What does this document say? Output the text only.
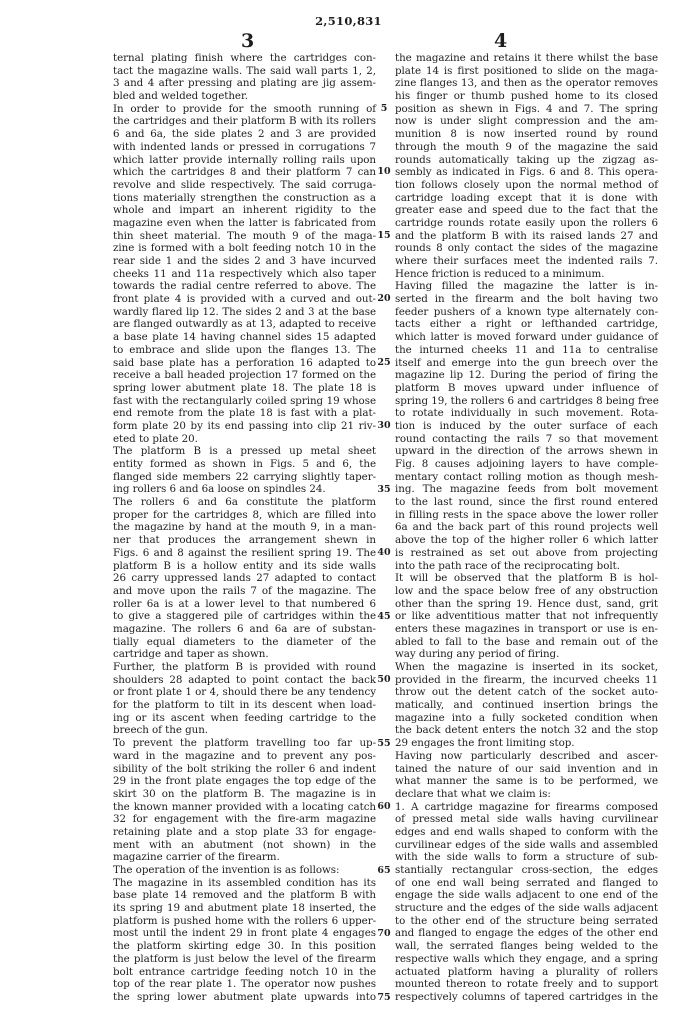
2,510,831
3	4
ternal plating finish where the cartridges con-
tact the magazine walls. The said wall parts 1, 2,
3 and 4 after pressing and plating are jig assem-
bled and welded together.
In order to provide for the smooth running of
the cartridges and their platform B with its rollers
6 and 6a, the side plates 2 and 3 are provided
with indented lands or pressed in corrugations 7
which latter provide internally rolling rails upon
which the cartridges 8 and their platform 7 can
revolve and slide respectively. The said corruga-
tions materially strengthen the construction as a
whole and impart an inherent rigidity to the
magazine even when the latter is fabricated from
thin sheet material. The mouth 9 of the maga-
zine is formed with a bolt feeding notch 10 in the
rear side 1 and the sides 2 and 3 have incurved
cheeks 11 and 11a respectively which also taper
towards the radial centre referred to above. The
front plate 4 is provided with a curved and out-
wardly flared lip 12. The sides 2 and 3 at the base
are flanged outwardly as at 13, adapted to receive
a base plate 14 having channel sides 15 adapted
to embrace and slide upon the flanges 13. The
said base plate has a perforation 16 adapted to
receive a ball headed projection 17 formed on the
spring lower abutment plate 18. The plate 18 is
fast with the rectangularly coiled spring 19 whose
end remote from the plate 18 is fast with a plat-
form plate 20 by its end passing into clip 21 riv-
eted to plate 20.
The platform B is a pressed up metal sheet
entity formed as shown in Figs. 5 and 6, the
flanged side members 22 carrying slightly taper-
ing rollers 6 and 6a loose on spindles 24.
The rollers 6 and 6a constitute the platform
proper for the cartridges 8, which are filled into
the magazine by hand at the mouth 9, in a man-
ner that produces the arrangement shewn in
Figs. 6 and 8 against the resilient spring 19. The
platform B is a hollow entity and its side walls
26 carry uppressed lands 27 adapted to contact
and move upon the rails 7 of the magazine. The
roller 6a is at a lower level to that numbered 6
to give a staggered pile of cartridges within the
magazine. The rollers 6 and 6a are of substan-
tially equal diameters to the diameter of the
cartridge and taper as shown.
Further, the platform B is provided with round
shoulders 28 adapted to point contact the back
or front plate 1 or 4, should there be any tendency
for the platform to tilt in its descent when load-
ing or its ascent when feeding cartridge to the
breech of the gun.
To prevent the platform travelling too far up-
ward in the magazine and to prevent any pos-
sibility of the bolt striking the roller 6 and indent
29 in the front plate engages the top edge of the
skirt 30 on the platform B. The magazine is in
the known manner provided with a locating catch
32 for engagement with the fire-arm magazine
retaining plate and a stop plate 33 for engage-
ment with an abutment (not shown) in the
magazine carrier of the firearm.
The operation of the invention is as follows:
The magazine in its assembled condition has its
base plate 14 removed and the platform B with
its spring 19 and abutment plate 18 inserted, the
platform is pushed home with the rollers 6 upper-
most until the indent 29 in front plate 4 engages
the platform skirting edge 30. In this position
the platform is just below the level of the firearm
bolt entrance cartridge feeding notch 10 in the
top of the rear plate 1. The operator now pushes
the spring lower abutment plate upwards into
the magazine and retains it there whilst the base
plate 14 is first positioned to slide on the maga-
zine flanges 13, and then as the operator removes
his finger or thumb pushed home to its closed
position as shewn in Figs. 4 and 7. The spring
now is under slight compression and the am-
munition 8 is now inserted round by round
through the mouth 9 of the magazine the said
rounds automatically taking up the zigzag as-
sembly as indicated in Figs. 6 and 8. This opera-
tion follows closely upon the normal method of
cartridge loading except that it is done with
greater ease and speed due to the fact that the
cartridge rounds rotate easily upon the rollers 6
and the platform B with its raised lands 27 and
rounds 8 only contact the sides of the magazine
where their surfaces meet the indented rails 7.
Hence friction is reduced to a minimum.
Having filled the magazine the latter is in-
serted in the firearm and the bolt having two
feeder pushers of a known type alternately con-
tacts either a right or lefthanded cartridge,
which latter is moved forward under guidance of
the inturned cheeks 11 and 11a to centralise
itself and emerge into the gun breech over the
magazine lip 12. During the period of firing the
platform B moves upward under influence of
spring 19, the rollers 6 and cartridges 8 being free
to rotate individually in such movement. Rota-
tion is induced by the outer surface of each
round contacting the rails 7 so that movement
upward in the direction of the arrows shewn in
Fig. 8 causes adjoining layers to have comple-
mentary contact rolling motion as though mesh-
ing. The magazine feeds from bolt movement
to the last round, since the first round entered
in filling rests in the space above the lower roller
6a and the back part of this round projects well
above the top of the higher roller 6 which latter
is restrained as set out above from projecting
into the path race of the reciprocating bolt.
It will be observed that the platform B is hol-
low and the space below free of any obstruction
other than the spring 19. Hence dust, sand, grit
or like adventitious matter that not infrequently
enters these magazines in transport or use is en-
abled to fall to the base and remain out of the
way during any period of firing.
When the magazine is inserted in its socket,
provided in the firearm, the incurved cheeks 11
throw out the detent catch of the socket auto-
matically, and continued insertion brings the
magazine into a fully socketed condition when
the back detent enters the notch 32 and the stop
29 engages the front limiting stop.
Having now particularly described and ascer-
tained the nature of our said invention and in
what manner the same is to be performed, we
declare that what we claim is:
1. A cartridge magazine for firearms composed
of pressed metal side walls having curvilinear
edges and end walls shaped to conform with the
curvilinear edges of the side walls and assembled
with the side walls to form a structure of sub-
stantially rectangular cross-section, the edges
of one end wall being serrated and flanged to
engage the side walls adjacent to one end of the
structure and the edges of the side walls adjacent
to the other end of the structure being serrated
and flanged to engage the edges of the other end
wall, the serrated flanges being welded to the
respective walls which they engage, and a spring
actuated platform having a plurality of rollers
mounted thereon to rotate freely and to support
respectively columns of tapered cartridges in the
5
10
15
20
25
30
35
40
45
50
55
60
65
70
75
